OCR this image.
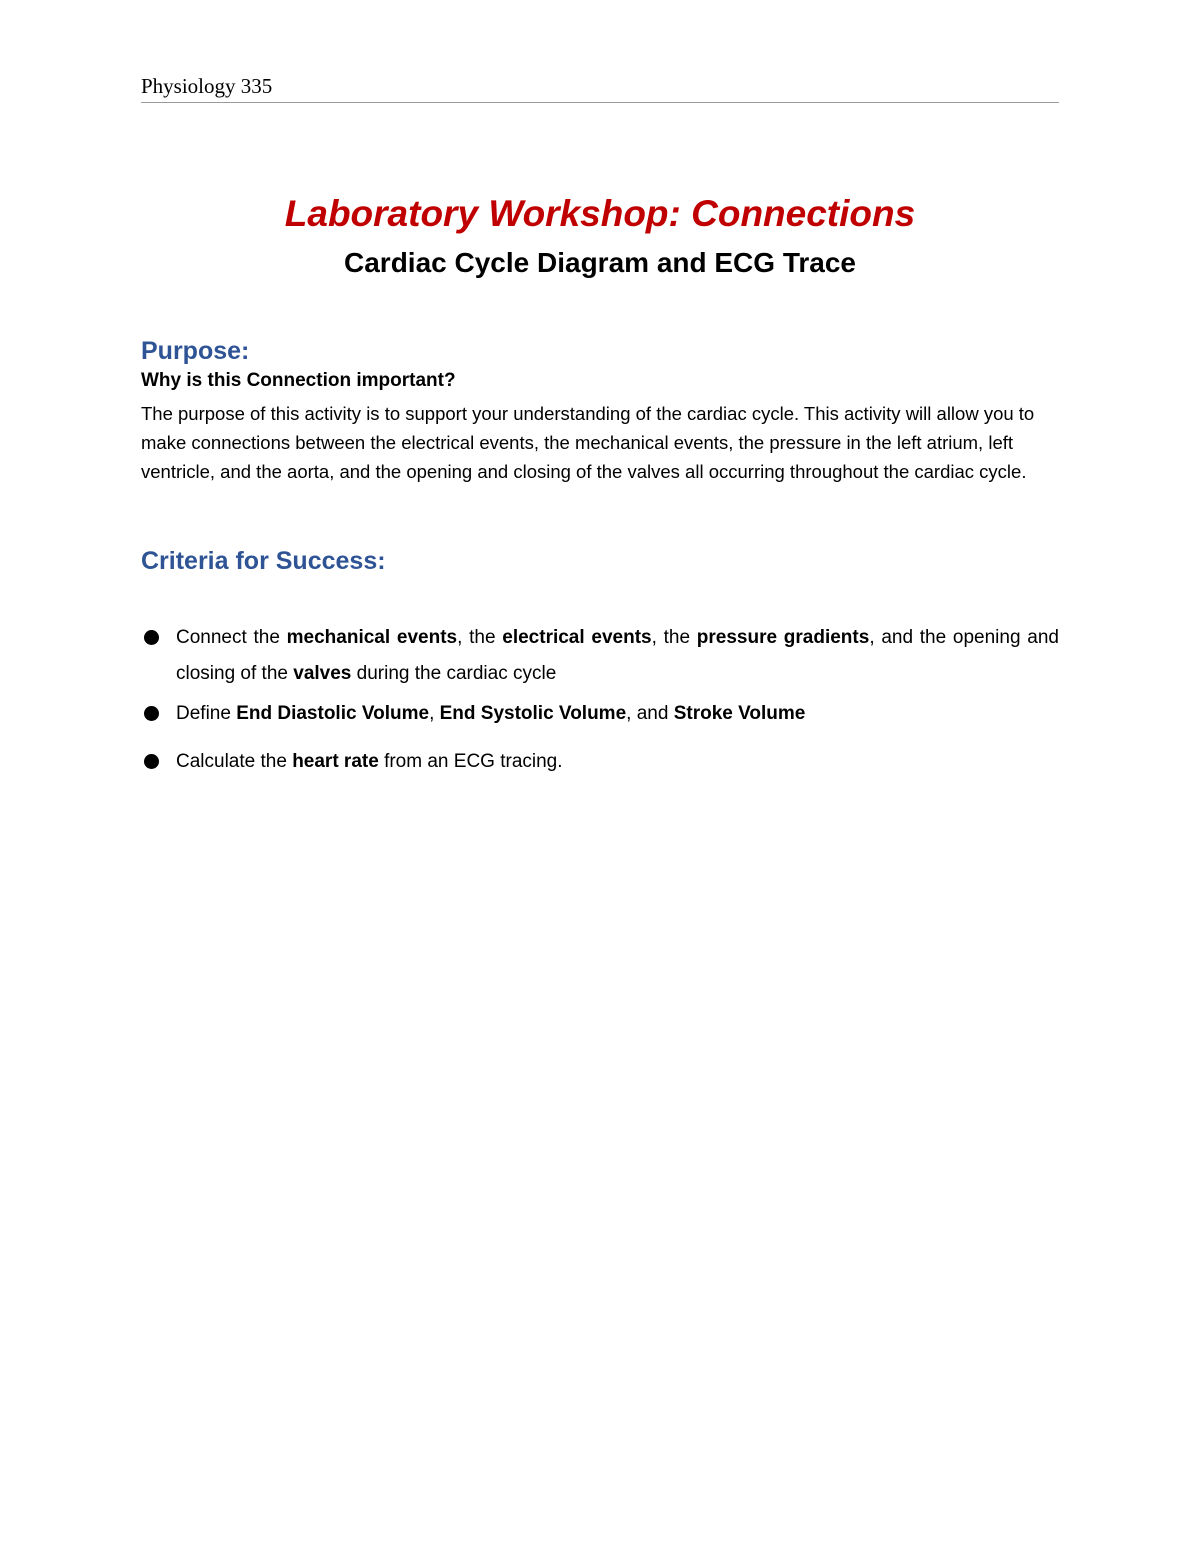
Physiology 335
Laboratory Workshop: Connections
Cardiac Cycle Diagram and ECG Trace
Purpose:
Why is this Connection important?
The purpose of this activity is to support your understanding of the cardiac cycle. This activity will allow you to make connections between the electrical events, the mechanical events, the pressure in the left atrium, left ventricle, and the aorta, and the opening and closing of the valves all occurring throughout the cardiac cycle.
Criteria for Success:
Connect the mechanical events, the electrical events, the pressure gradients, and the opening and closing of the valves during the cardiac cycle
Define End Diastolic Volume, End Systolic Volume, and Stroke Volume
Calculate the heart rate from an ECG tracing.
